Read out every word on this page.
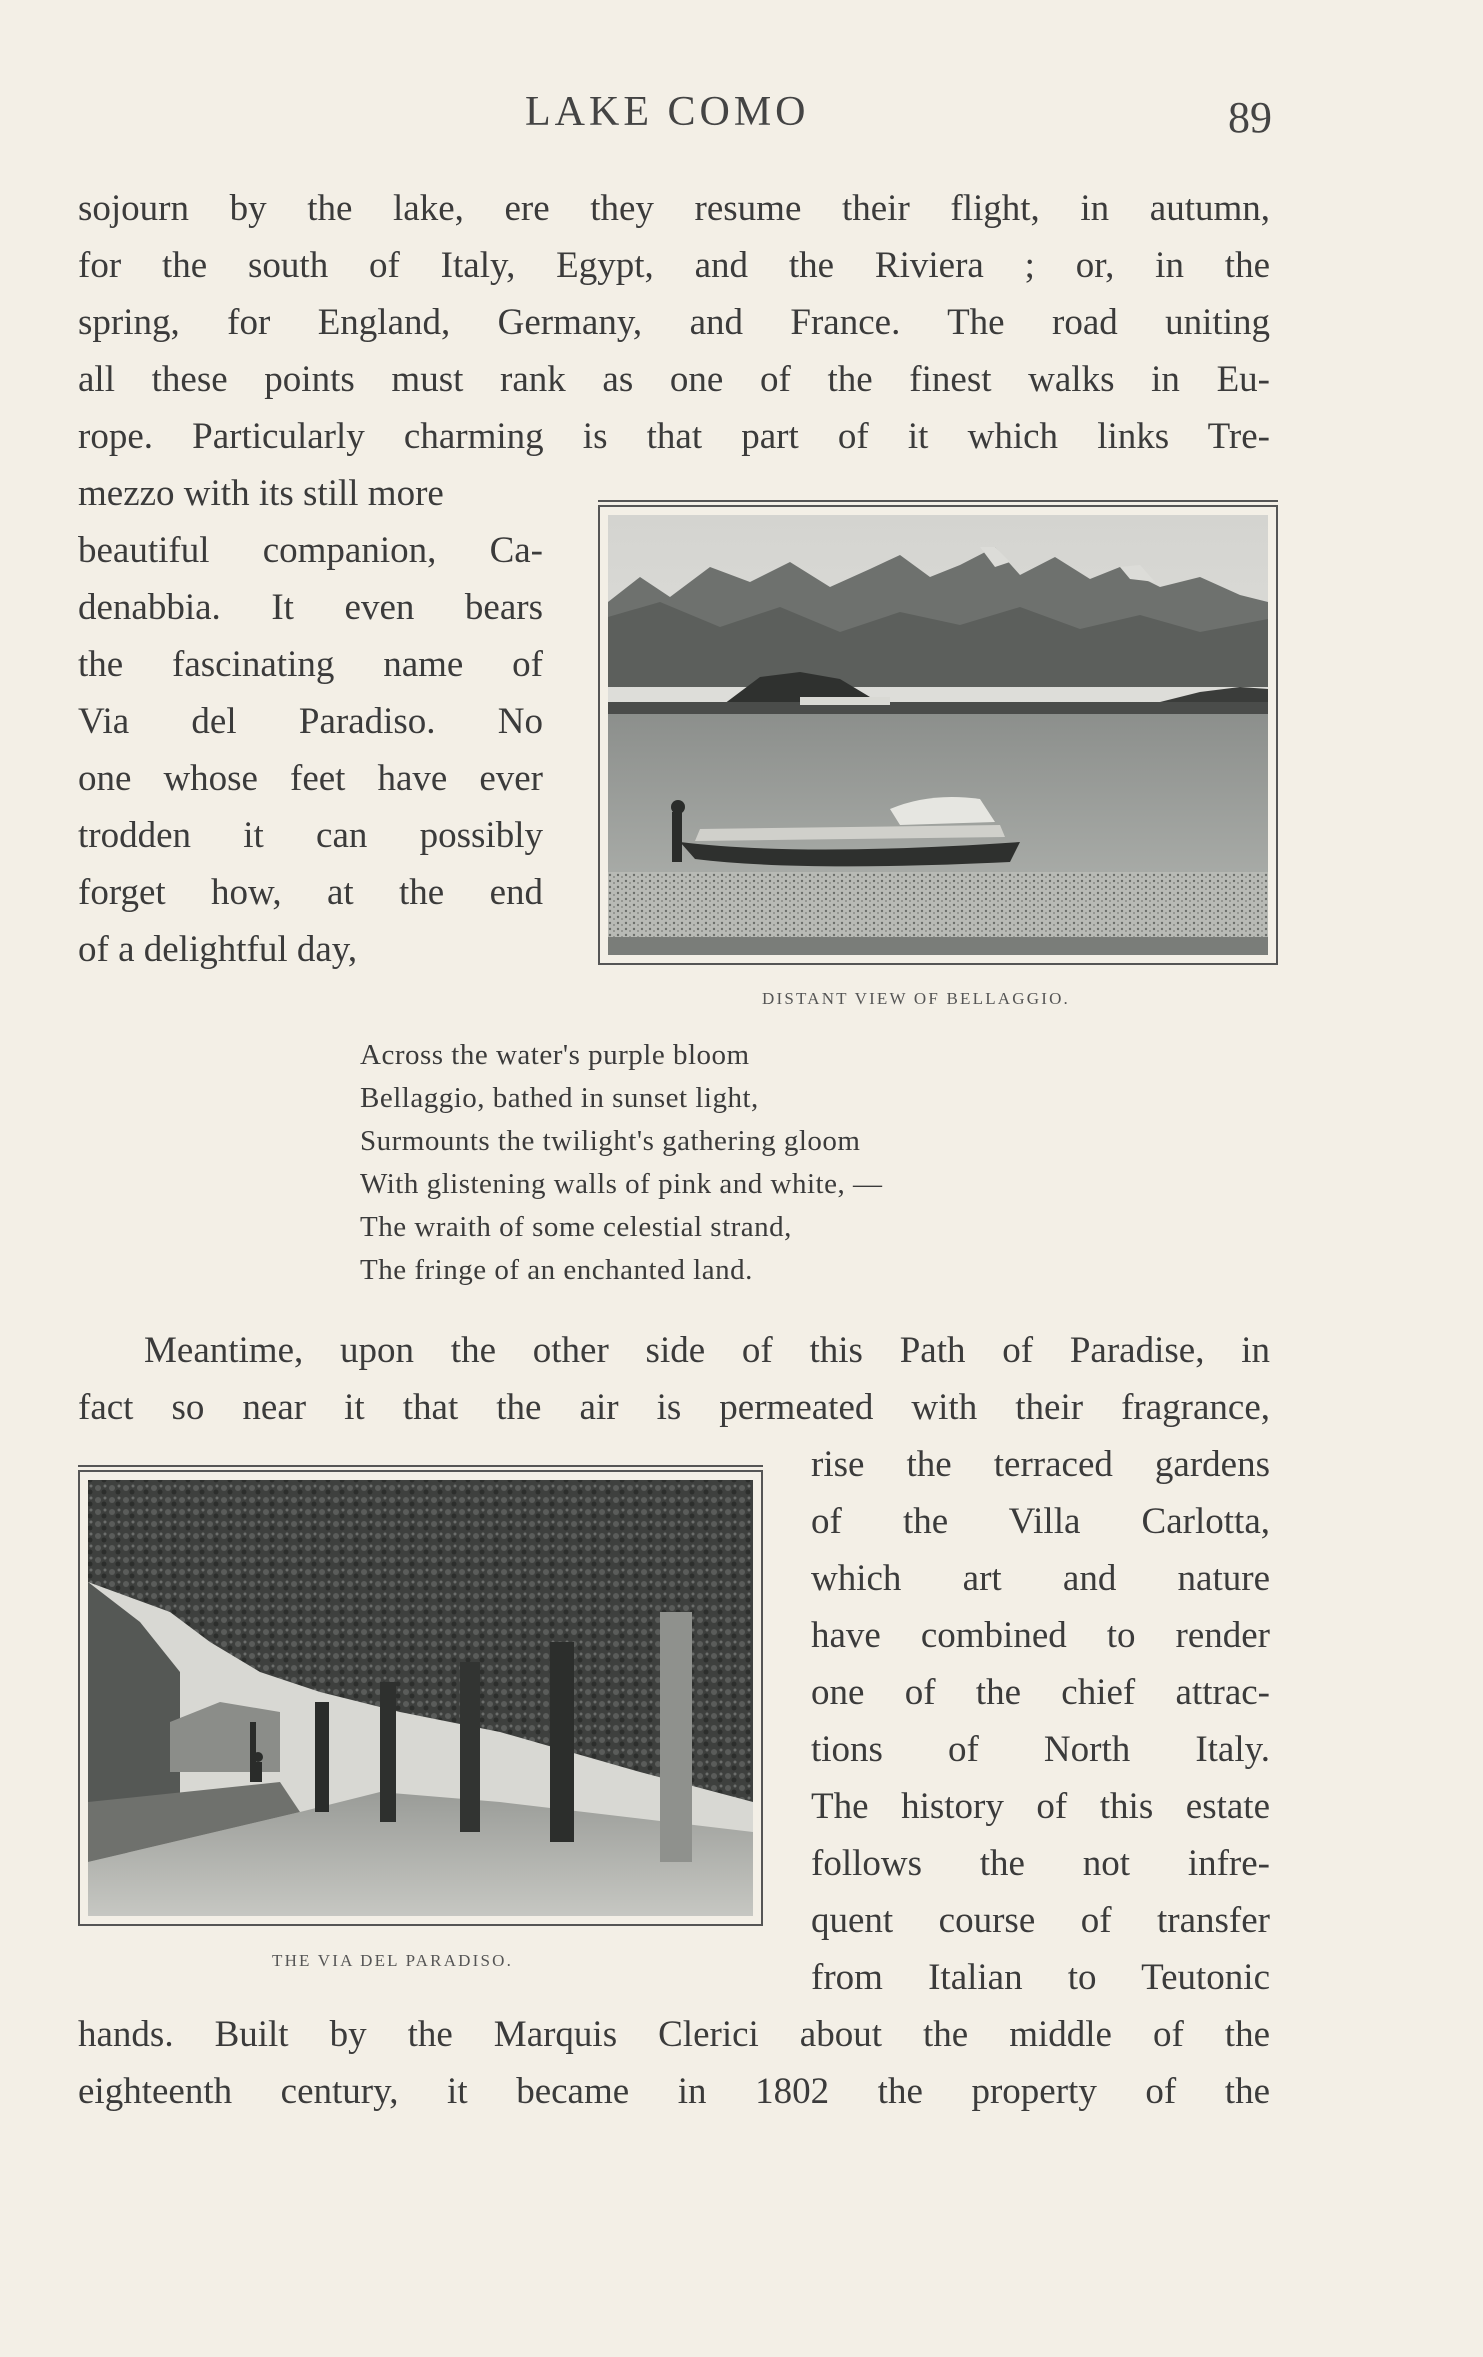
LAKE COMO	89
sojourn by the lake, ere they resume their flight, in autumn,
for the south of Italy, Egypt, and the Riviera ; or, in the
spring, for England, Germany, and France. The road uniting
all these points must rank as one of the finest walks in Eu-
rope. Particularly charming is that part of it which links Tre-
mezzo with its still more
beautiful companion, Ca-
denabbia. It even bears
the fascinating name of
Via del Paradiso. No
one whose feet have ever
trodden it can possibly
forget how, at the end
of a delightful day,
DISTANT VIEW OF BELLAGGIO.
Across the water's purple bloom
Bellaggio, bathed in sunset light,
Surmounts the twilight's gathering gloom
With glistening walls of pink and white, —
The wraith of some celestial strand,
The fringe of an enchanted land.
Meantime, upon the other side of this Path of Paradise, in
fact so near it that the air is permeated with their fragrance,
rise the terraced gardens
of the Villa Carlotta,
which art and nature
have combined to render
one of the chief attrac-
tions of North Italy.
The history of this estate
follows the not infre-
quent course of transfer
from Italian to Teutonic
hands. Built by the Marquis Clerici about the middle of the
eighteenth century, it became in 1802 the property of the
THE VIA DEL PARADISO.
